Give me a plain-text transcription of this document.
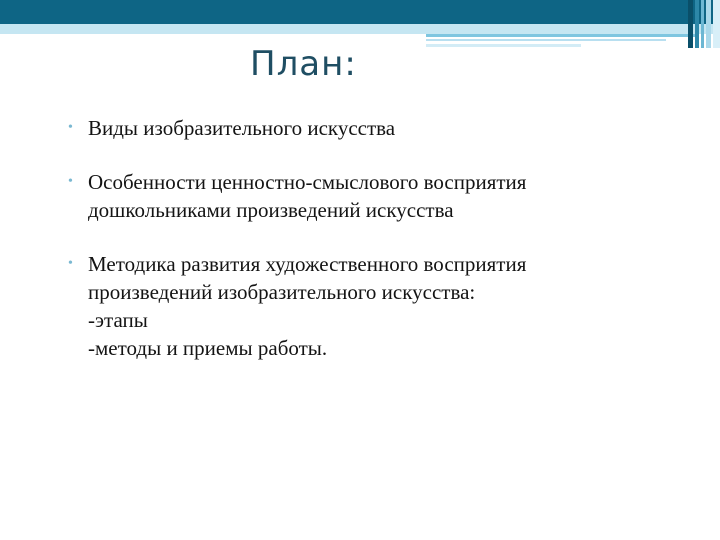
План:
• Виды изобразительного искусства
• Особенности ценностно-смыслового восприятия
дошкольниками произведений искусства
• Методика развития художественного восприятия
произведений изобразительного искусства:
-этапы
-методы и приемы работы.
